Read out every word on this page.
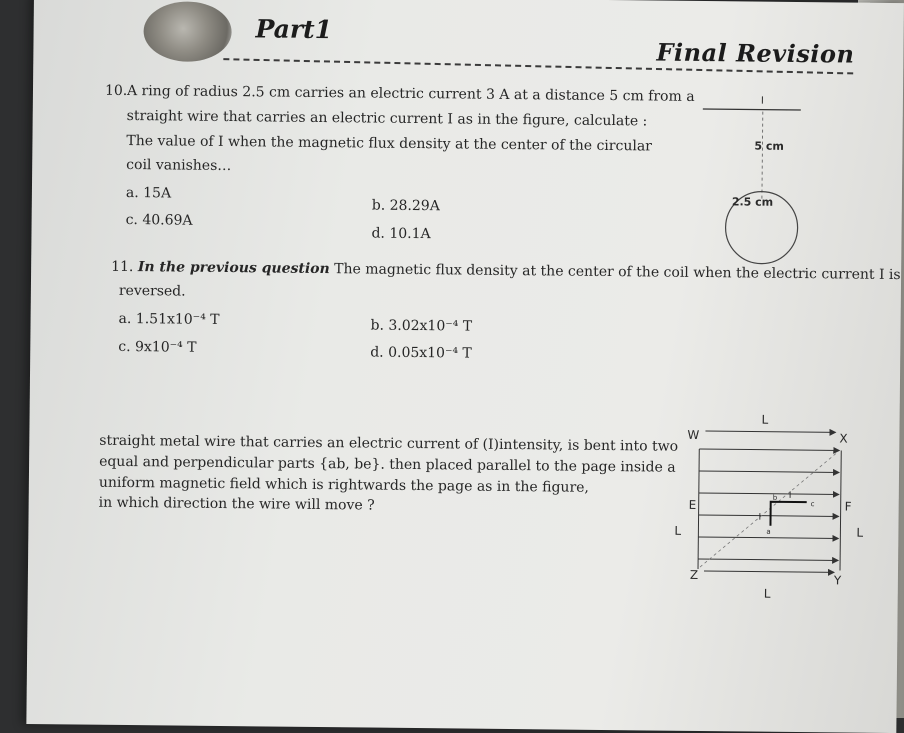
Part1
Final Revision
10. A ring of radius 2.5 cm carries an electric current 3 A at a distance 5 cm from a
straight wire that carries an electric current I as in the figure, calculate :
The value of I when the magnetic flux density at the center of the circular
coil vanishes…
a. 15A
b. 28.29A
c. 40.69A
d. 10.1A
I
5 cm
2.5 cm
11. In the previous question The magnetic flux density at the center of the coil when the electric current I is
reversed.
a. 1.51x10⁻⁴ T	b. 3.02x10⁻⁴ T
c. 9x10⁻⁴ T	d. 0.05x10⁻⁴ T
straight metal wire that carries an electric current of (I)intensity, is bent into two
equal and perpendicular parts {ab, be}. then placed parallel to the page inside a
uniform magnetic field which is rightwards the page as in the figure,
in which direction the wire will move ?
L
W	X
I
I
b
c
a
E	F
L	L
Z	Y
L
